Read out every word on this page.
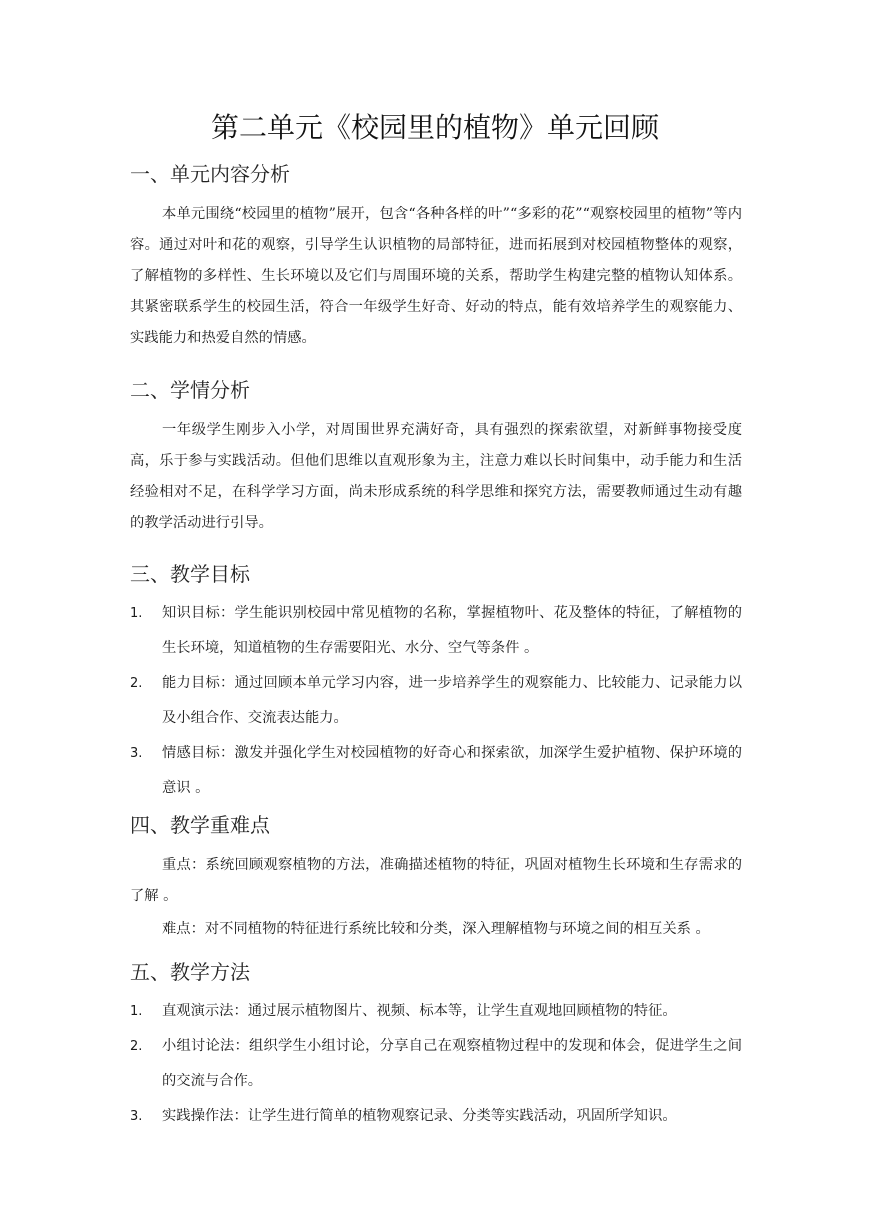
第二单元《校园里的植物》单元回顾
一、单元内容分析
本单元围绕“校园里的植物”展开，包含“各种各样的叶”“多彩的花”“观察校园里的植物”等内容。通过对叶和花的观察，引导学生认识植物的局部特征，进而拓展到对校园植物整体的观察，了解植物的多样性、生长环境以及它们与周围环境的关系，帮助学生构建完整的植物认知体系。其紧密联系学生的校园生活，符合一年级学生好奇、好动的特点，能有效培养学生的观察能力、实践能力和热爱自然的情感。
二、学情分析
一年级学生刚步入小学，对周围世界充满好奇，具有强烈的探索欲望，对新鲜事物接受度高，乐于参与实践活动。但他们思维以直观形象为主，注意力难以长时间集中，动手能力和生活经验相对不足，在科学学习方面，尚未形成系统的科学思维和探究方法，需要教师通过生动有趣的教学活动进行引导。
三、教学目标
1. 知识目标：学生能识别校园中常见植物的名称，掌握植物叶、花及整体的特征，了解植物的生长环境，知道植物的生存需要阳光、水分、空气等条件 。
2. 能力目标：通过回顾本单元学习内容，进一步培养学生的观察能力、比较能力、记录能力以及小组合作、交流表达能力。
3. 情感目标：激发并强化学生对校园植物的好奇心和探索欲，加深学生爱护植物、保护环境的意识 。
四、教学重难点
重点：系统回顾观察植物的方法，准确描述植物的特征，巩固对植物生长环境和生存需求的了解 。
难点：对不同植物的特征进行系统比较和分类，深入理解植物与环境之间的相互关系 。
五、教学方法
1. 直观演示法：通过展示植物图片、视频、标本等，让学生直观地回顾植物的特征。
2. 小组讨论法：组织学生小组讨论，分享自己在观察植物过程中的发现和体会，促进学生之间的交流与合作。
3. 实践操作法：让学生进行简单的植物观察记录、分类等实践活动，巩固所学知识。
